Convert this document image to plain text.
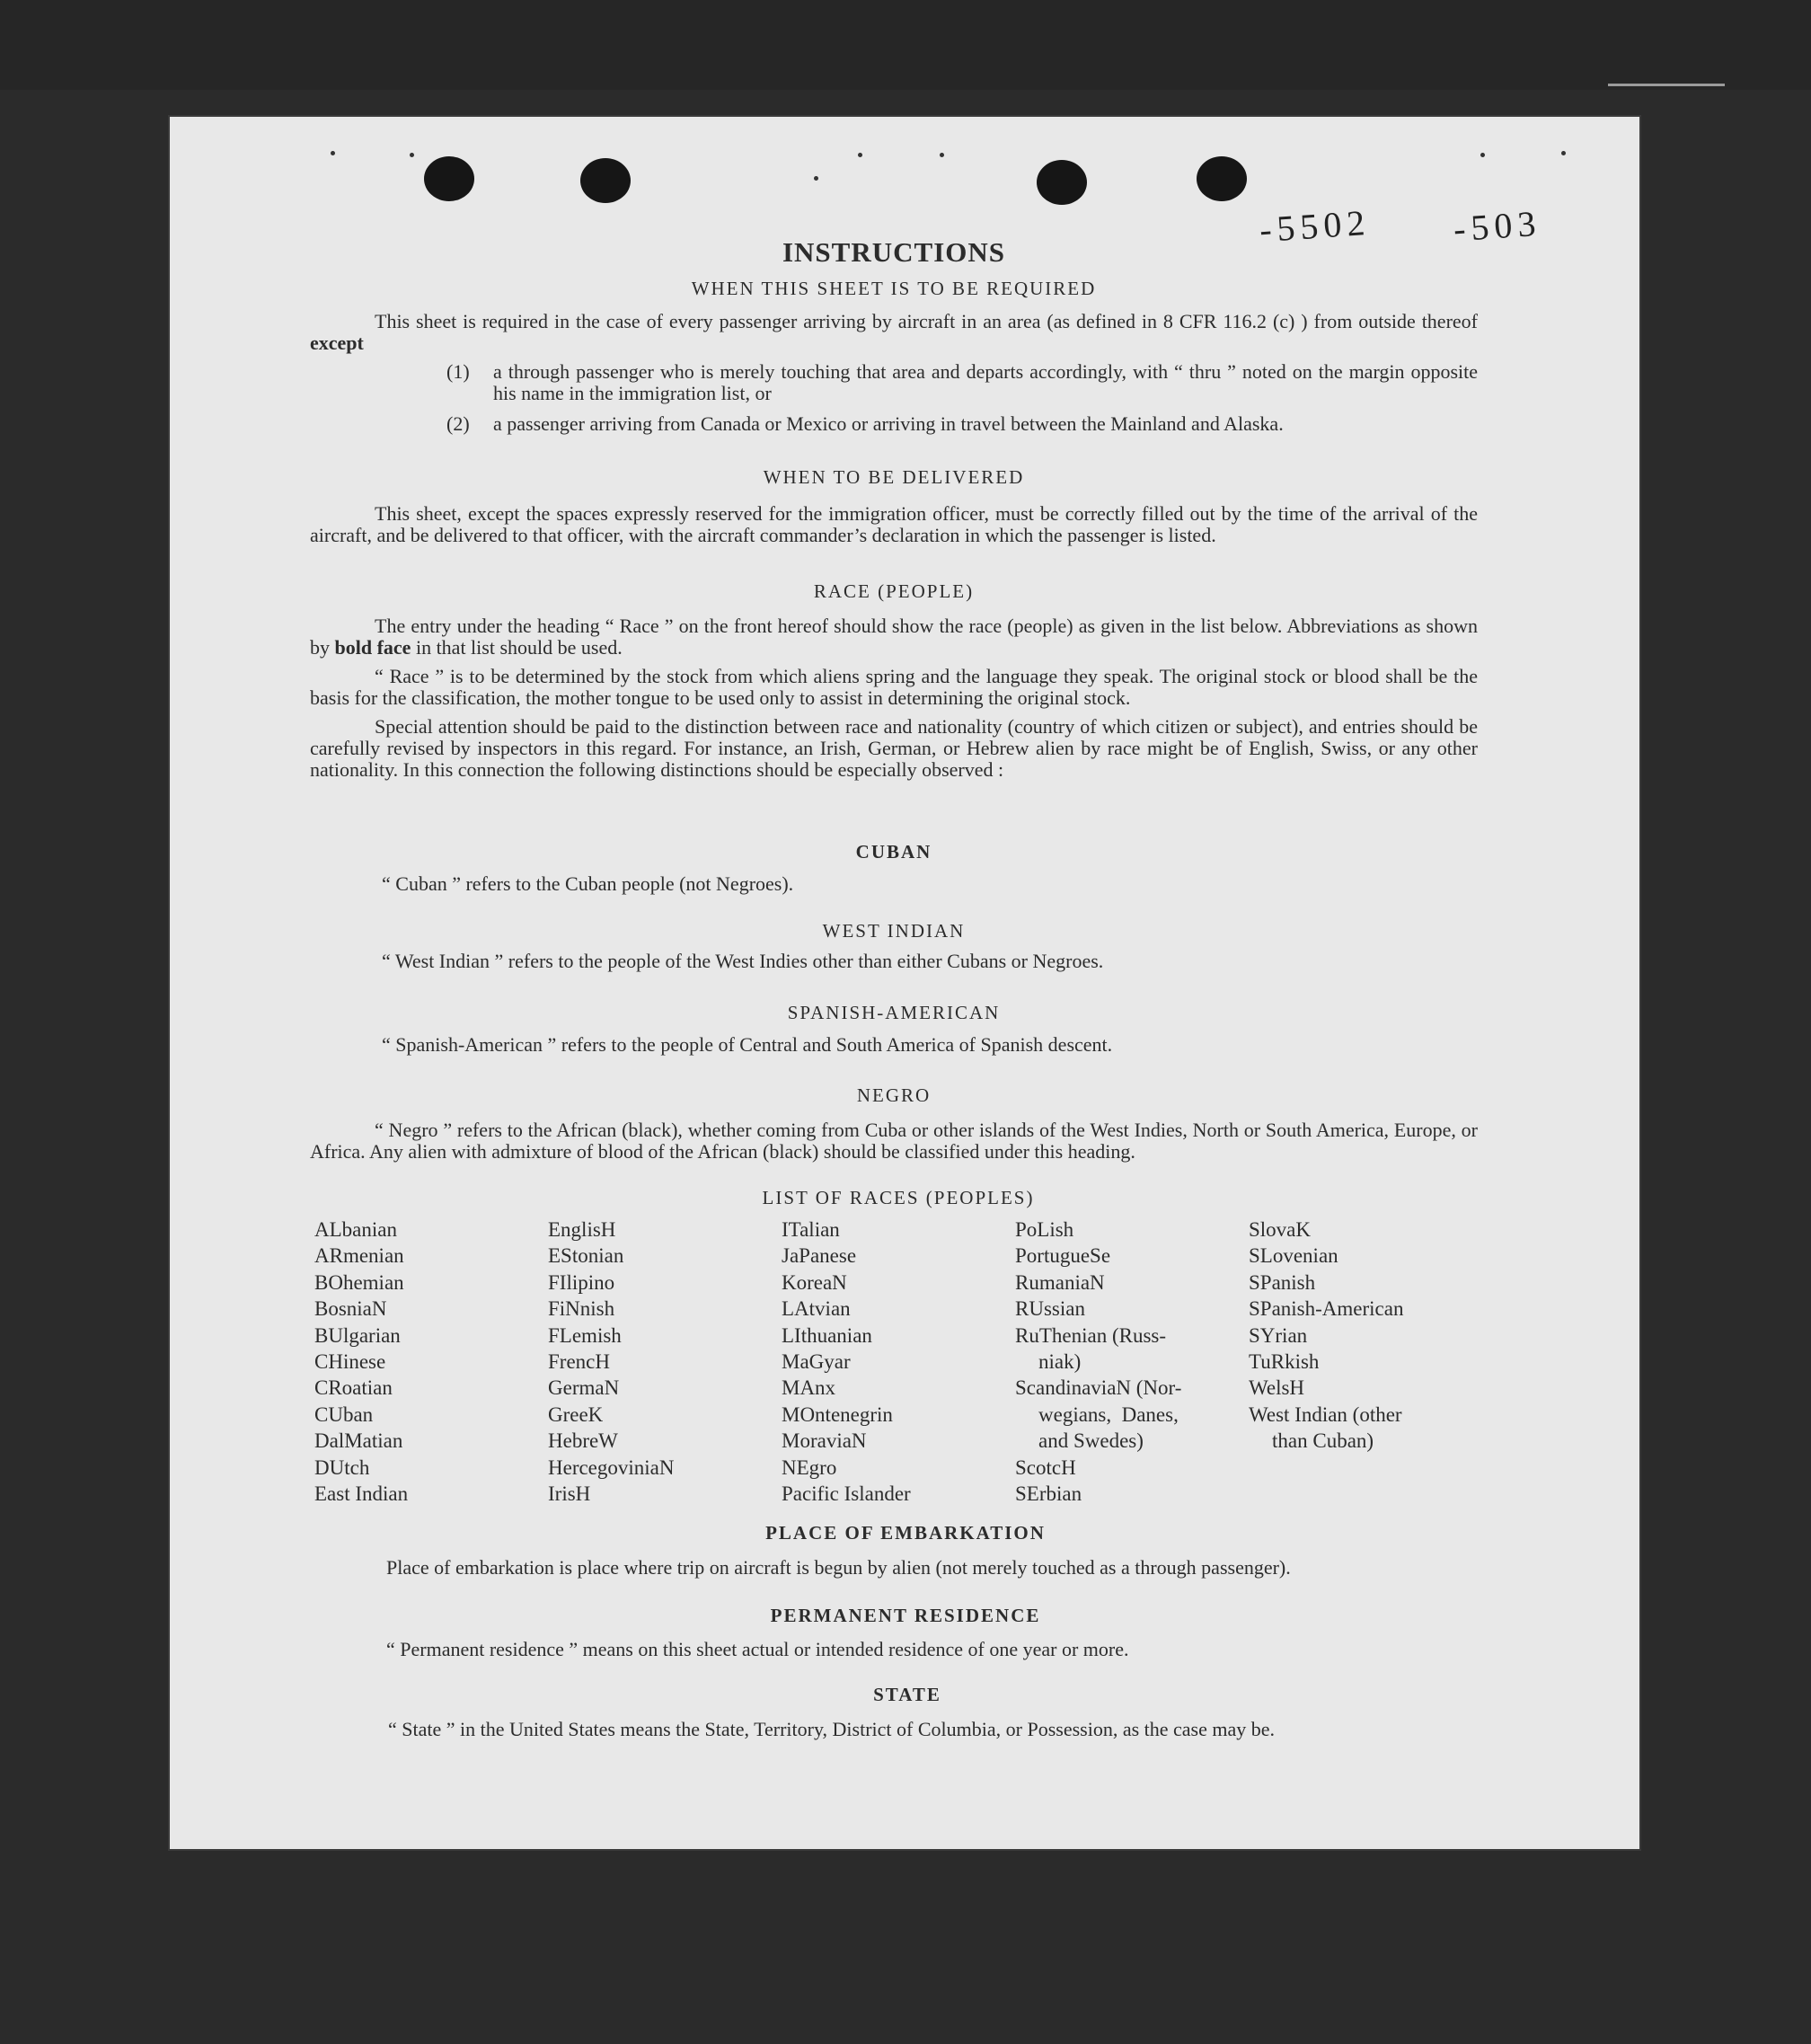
-5502 -503
INSTRUCTIONS
WHEN THIS SHEET IS TO BE REQUIRED

This sheet is required in the case of every passenger arriving by aircraft in an area (as defined in 8 CFR 116.2 (c) ) from outside thereof except

(1)	a through passenger who is merely touching that area and departs accordingly, with “ thru ” noted on the margin opposite his name in the immigration list, or
(2)	a passenger arriving from Canada or Mexico or arriving in travel between the Mainland and Alaska.
WHEN TO BE DELIVERED

This sheet, except the spaces expressly reserved for the immigration officer, must be correctly filled out by the time of the arrival of the aircraft, and be delivered to that officer, with the aircraft commander’s declaration in which the passenger is listed.

RACE (PEOPLE)

The entry under the heading “ Race ” on the front hereof should show the race (people) as given in the list below. Abbreviations as shown by bold face in that list should be used.

“ Race ” is to be determined by the stock from which aliens spring and the language they speak. The original stock or blood shall be the basis for the classification, the mother tongue to be used only to assist in determining the original stock.

Special attention should be paid to the distinction between race and nationality (country of which citizen or subject), and entries should be carefully revised by inspectors in this regard. For instance, an Irish, German, or Hebrew alien by race might be of English, Swiss, or any other nationality. In this connection the following distinctions should be especially observed :

CUBAN
“ Cuban ” refers to the Cuban people (not Negroes).
WEST INDIAN
“ West Indian ” refers to the people of the West Indies other than either Cubans or Negroes.
SPANISH-AMERICAN
“ Spanish-American ” refers to the people of Central and South America of Spanish descent.
NEGRO

“ Negro ” refers to the African (black), whether coming from Cuba or other islands of the West Indies, North or South America, Europe, or Africa. Any alien with admixture of blood of the African (black) should be classified under this heading.

LIST OF RACES (PEOPLES)
ALbanian
ARmenian
BOhemian
BosniaN
BUlgarian
CHinese
CRoatian
CUban
DalMatian
DUtch
East Indian
EnglisH
EStonian
FIlipino
FiNnish
FLemish
FrencH
GermaN
GreeK
HebreW
HercegoviniaN
IrisH
ITalian
JaPanese
KoreaN
LAtvian
LIthuanian
MaGyar
MAnx
MOntenegrin
MoraviaN
NEgro
Pacific Islander
PoLish
PortugueSe
RumaniaN
RUssian
RuThenian (Russ-
niak)
ScandinaviaN (Nor-
wegians,  Danes,
and Swedes)
ScotcH
SErbian
SlovaK
SLovenian
SPanish
SPanish-American
SYrian
TuRkish
WelsH
West Indian (other
than Cuban)
PLACE OF EMBARKATION

Place of embarkation is place where trip on aircraft is begun by alien (not merely touched as a through passenger).

PERMANENT RESIDENCE
“ Permanent residence ” means on this sheet actual or intended residence of one year or more.
STATE

“ State ” in the United States means the State, Territory, District of Columbia, or Possession, as the case may be.
